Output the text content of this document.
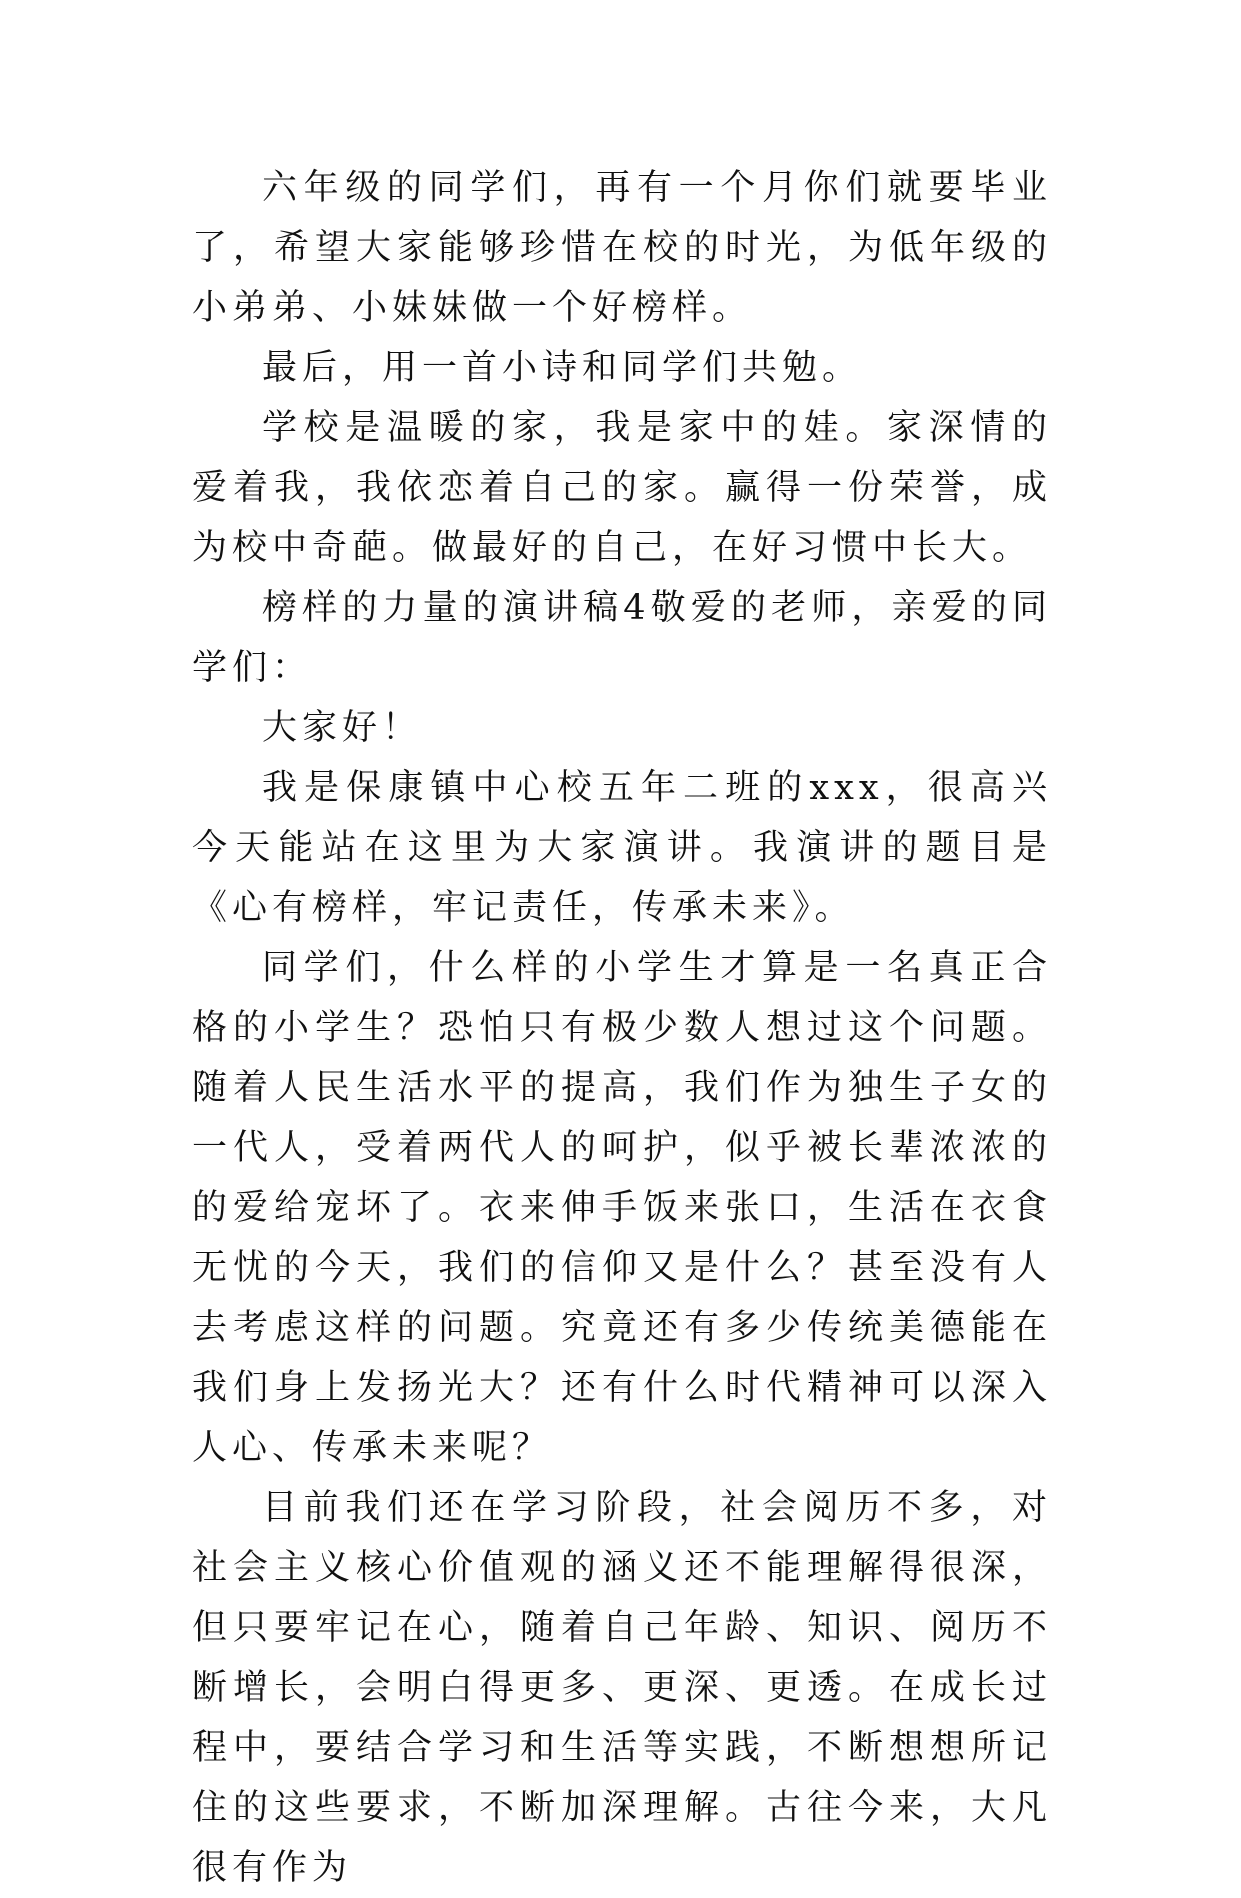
六年级的同学们，再有一个月你们就要毕业了，希望大家能够珍惜在校的时光，为低年级的小弟弟、小妹妹做一个好榜样。

最后，用一首小诗和同学们共勉。

学校是温暖的家，我是家中的娃。家深情的爱着我，我依恋着自己的家。赢得一份荣誉，成为校中奇葩。做最好的自己，在好习惯中长大。

榜样的力量的演讲稿4敬爱的老师，亲爱的同学们：

大家好！

我是保康镇中心校五年二班的xxx，很高兴今天能站在这里为大家演讲。我演讲的题目是《心有榜样，牢记责任，传承未来》。

同学们，什么样的小学生才算是一名真正合格的小学生？恐怕只有极少数人想过这个问题。随着人民生活水平的提高，我们作为独生子女的一代人，受着两代人的呵护，似乎被长辈浓浓的的爱给宠坏了。衣来伸手饭来张口，生活在衣食无忧的今天，我们的信仰又是什么？甚至没有人去考虑这样的问题。究竟还有多少传统美德能在我们身上发扬光大？还有什么时代精神可以深入人心、传承未来呢？

目前我们还在学习阶段，社会阅历不多，对社会主义核心价值观的涵义还不能理解得很深，但只要牢记在心，随着自己年龄、知识、阅历不断增长，会明白得更多、更深、更透。在成长过程中，要结合学习和生活等实践，不断想想所记住的这些要求，不断加深理解。古往今来，大凡很有作为
